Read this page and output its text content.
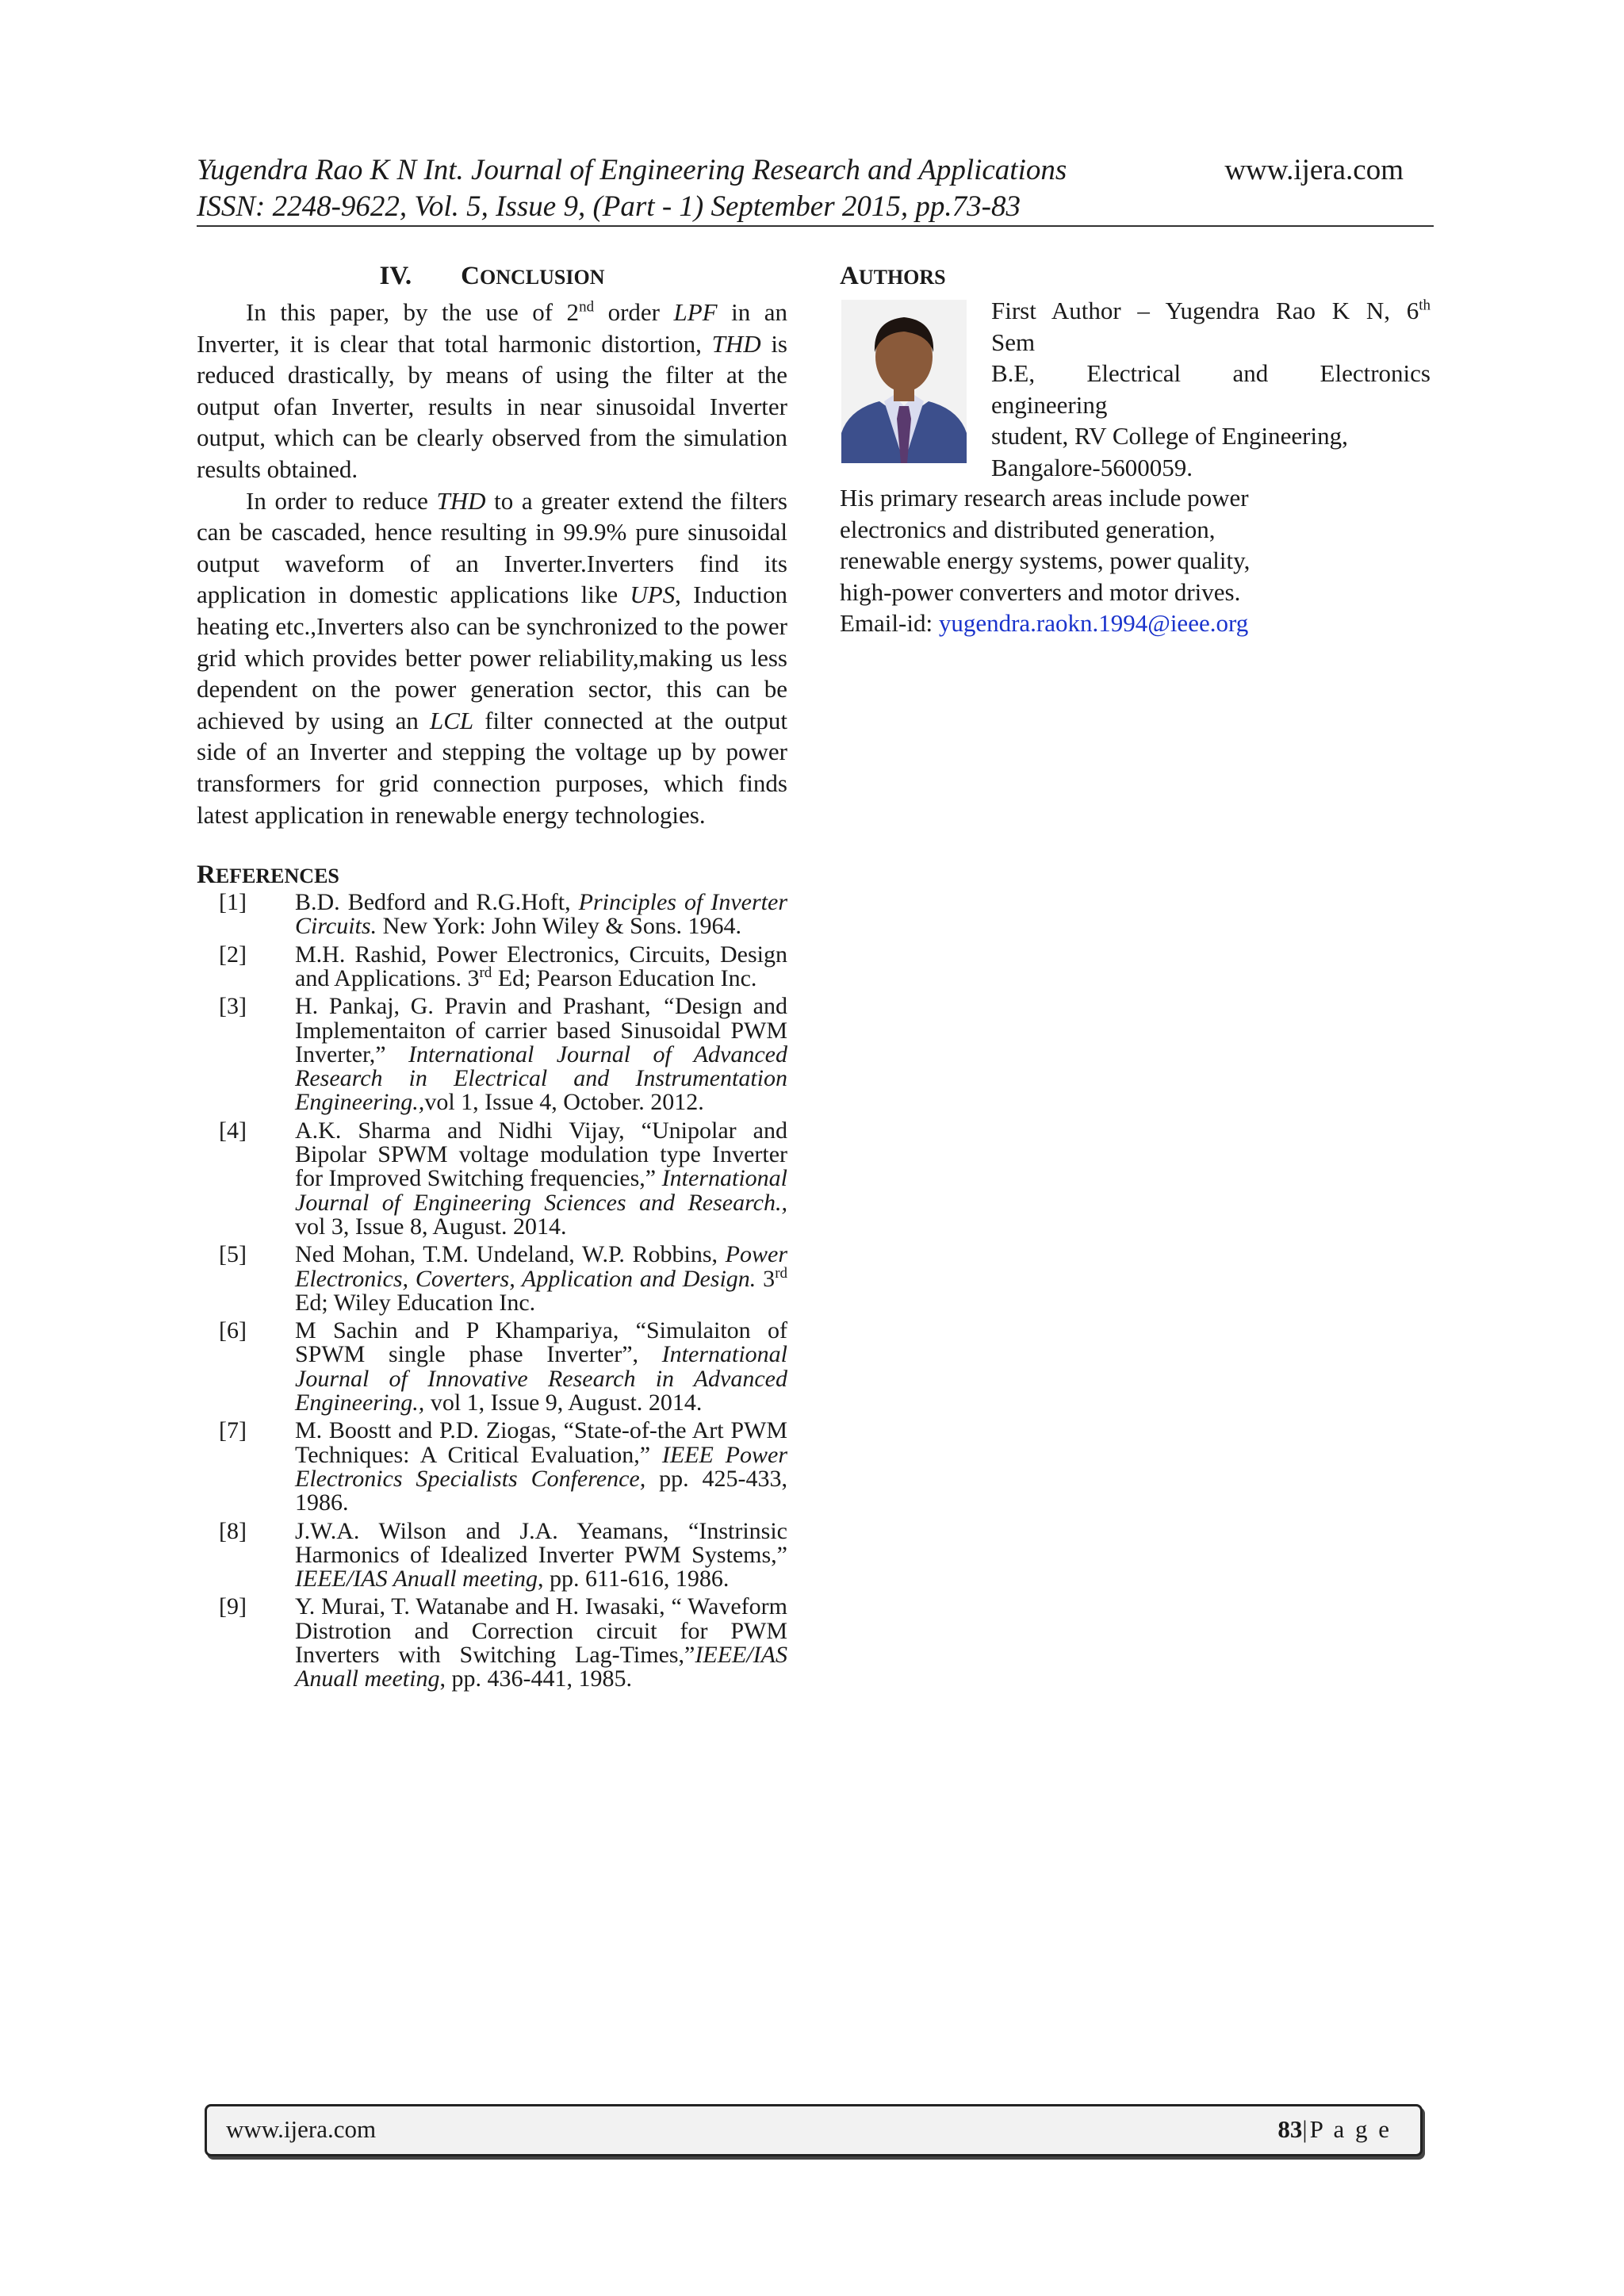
Yugendra Rao K N Int. Journal of Engineering Research and Applications
ISSN: 2248-9622, Vol. 5, Issue 9, (Part - 1) September 2015, pp.73-83
www.ijera.com
IV. CONCLUSION

In this paper, by the use of 2nd order LPF in an Inverter, it is clear that total harmonic distortion, THD is reduced drastically, by means of using the filter at the output ofan Inverter, results in near sinusoidal Inverter output, which can be clearly observed from the simulation results obtained.

In order to reduce THD to a greater extend the filters can be cascaded, hence resulting in 99.9% pure sinusoidal output waveform of an Inverter.Inverters find its application in domestic applications like UPS, Induction heating etc.,Inverters also can be synchronized to the power grid which provides better power reliability,making us less dependent on the power generation sector, this can be achieved by using an LCL filter connected at the output side of an Inverter and stepping the voltage up by power transformers for grid connection purposes, which finds latest application in renewable energy technologies.

REFERENCES
[1]	B.D. Bedford and R.G.Hoft, Principles of Inverter Circuits. New York: John Wiley & Sons. 1964.
[2]	M.H. Rashid, Power Electronics, Circuits, Design and Applications. 3rd Ed; Pearson Education Inc.
[3]	H. Pankaj, G. Pravin and Prashant, “Design and Implementaiton of carrier based Sinusoidal PWM Inverter,” International Journal of Advanced Research in Electrical and Instrumentation Engineering.,vol 1, Issue 4, October. 2012.
[4]	A.K. Sharma and Nidhi Vijay, “Unipolar and Bipolar SPWM voltage modulation type Inverter for Improved Switching frequencies,” International Journal of Engineering Sciences and Research., vol 3, Issue 8, August. 2014.
[5]	Ned Mohan, T.M. Undeland, W.P. Robbins, Power Electronics, Coverters, Application and Design. 3rd Ed; Wiley Education Inc.
[6]	M Sachin and P Khampariya, “Simulaiton of SPWM single phase Inverter”, International Journal of Innovative Research in Advanced Engineering., vol 1, Issue 9, August. 2014.
[7]	M. Boostt and P.D. Ziogas, “State-of-the Art PWM Techniques: A Critical Evaluation,” IEEE Power Electronics Specialists Conference, pp. 425-433, 1986.
[8]	J.W.A. Wilson and J.A. Yeamans, “Instrinsic Harmonics of Idealized Inverter PWM Systems,” IEEE/IAS Anuall meeting, pp. 611-616, 1986.
[9]	Y. Murai, T. Watanabe and H. Iwasaki, “ Waveform Distrotion and Correction circuit for PWM Inverters with Switching Lag-Times,”IEEE/IAS Anuall meeting, pp. 436-441, 1985.
AUTHORS
First Author – Yugendra Rao K N, 6th
Sem
B.E, Electrical and Electronics
engineering
student, RV College of Engineering,
Bangalore-5600059.
His primary research areas include power
electronics and distributed generation,
renewable energy systems, power quality,
high-power converters and motor drives.
Email-id: yugendra.raokn.1994@ieee.org
www.ijera.com	83|P a g e
